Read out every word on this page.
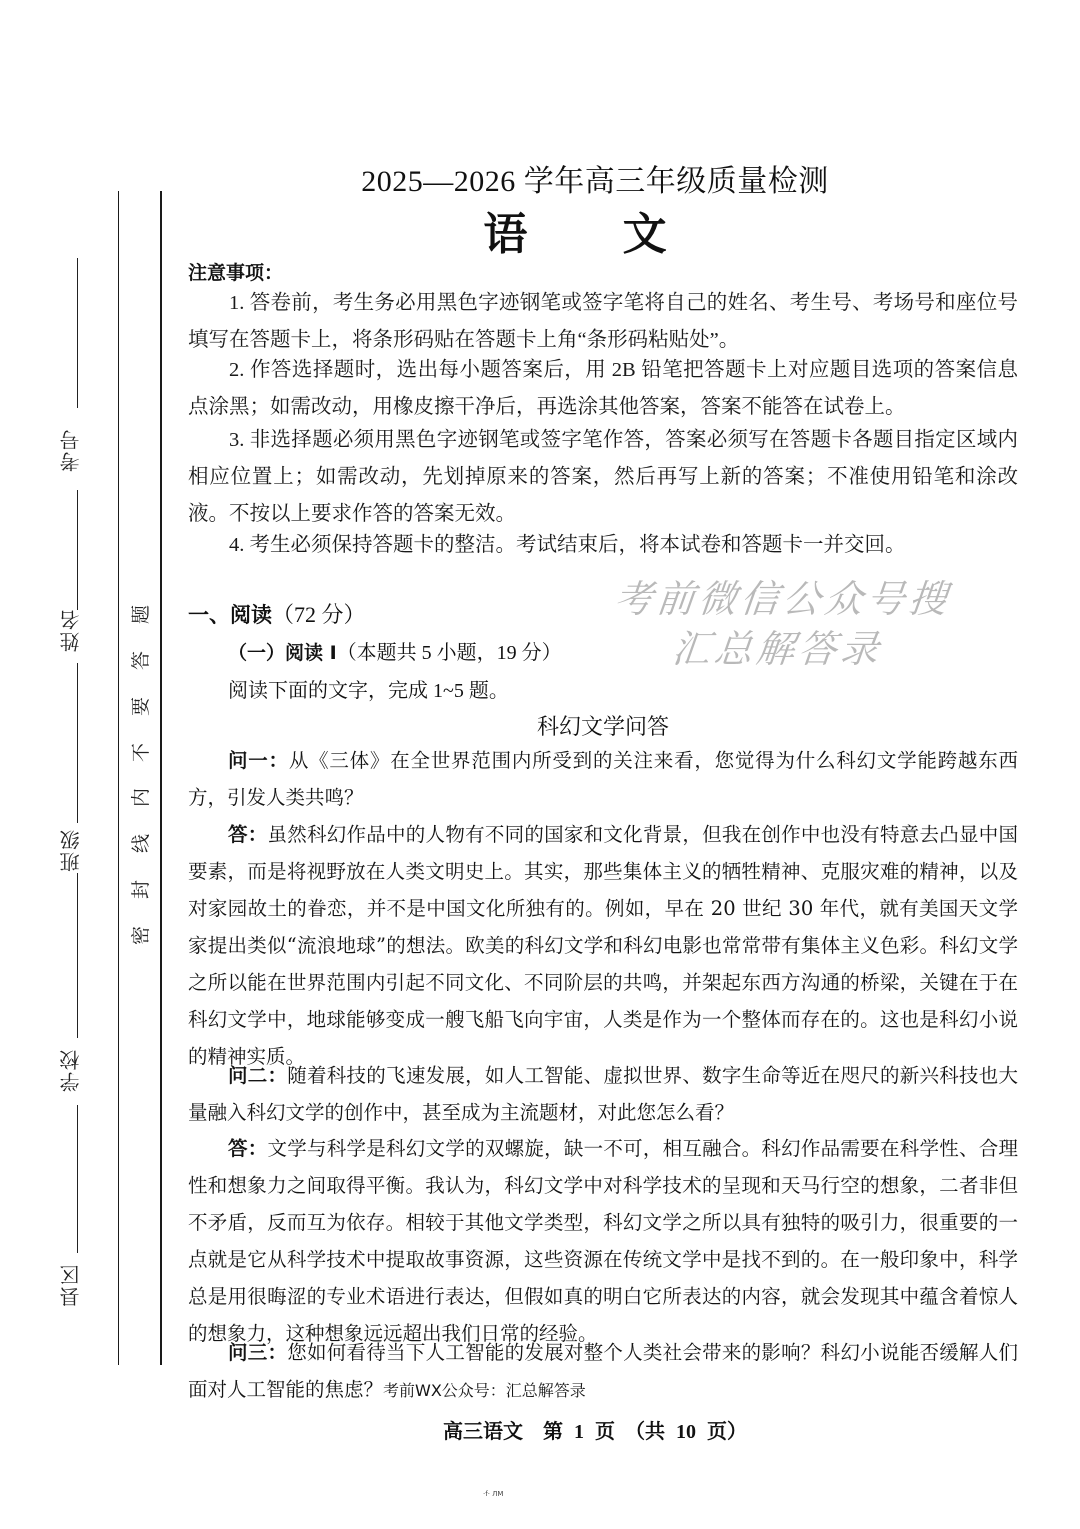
考号
姓名
班级
学校
县区
密
封
线
内
不
要
答
题
2025—2026 学年高三年级质量检测
语 文
注意事项：
1. 答卷前，考生务必用黑色字迹钢笔或签字笔将自己的姓名、考生号、考场号和座位号填写在答题卡上，将条形码贴在答题卡上角“条形码粘贴处”。
2. 作答选择题时，选出每小题答案后，用 2B 铅笔把答题卡上对应题目选项的答案信息点涂黑；如需改动，用橡皮擦干净后，再选涂其他答案，答案不能答在试卷上。
3. 非选择题必须用黑色字迹钢笔或签字笔作答，答案必须写在答题卡各题目指定区域内相应位置上；如需改动，先划掉原来的答案，然后再写上新的答案；不准使用铅笔和涂改液。不按以上要求作答的答案无效。
4. 考生必须保持答题卡的整洁。考试结束后，将本试卷和答题卡一并交回。
考前微信公众号搜
汇总解答录
一、阅读（72 分）
（一）阅读 I（本题共 5 小题，19 分）
阅读下面的文字，完成 1~5 题。
科幻文学问答
问一：从《三体》在全世界范围内所受到的关注来看，您觉得为什么科幻文学能跨越东西方，引发人类共鸣？
答：虽然科幻作品中的人物有不同的国家和文化背景，但我在创作中也没有特意去凸显中国要素，而是将视野放在人类文明史上。其实，那些集体主义的牺牲精神、克服灾难的精神，以及对家园故土的眷恋，并不是中国文化所独有的。例如，早在 20 世纪 30 年代，就有美国天文学家提出类似“流浪地球”的想法。欧美的科幻文学和科幻电影也常常带有集体主义色彩。科幻文学之所以能在世界范围内引起不同文化、不同阶层的共鸣，并架起东西方沟通的桥梁，关键在于在科幻文学中，地球能够变成一艘飞船飞向宇宙，人类是作为一个整体而存在的。这也是科幻小说的精神实质。
问二：随着科技的飞速发展，如人工智能、虚拟世界、数字生命等近在咫尺的新兴科技也大量融入科幻文学的创作中，甚至成为主流题材，对此您怎么看？
答：文学与科学是科幻文学的双螺旋，缺一不可，相互融合。科幻作品需要在科学性、合理性和想象力之间取得平衡。我认为，科幻文学中对科学技术的呈现和天马行空的想象，二者非但不矛盾，反而互为依存。相较于其他文学类型，科幻文学之所以具有独特的吸引力，很重要的一点就是它从科学技术中提取故事资源，这些资源在传统文学中是找不到的。在一般印象中，科学总是用很晦涩的专业术语进行表达，但假如真的明白它所表达的内容，就会发现其中蕴含着惊人的想象力，这种想象远远超出我们日常的经验。
问三：您如何看待当下人工智能的发展对整个人类社会带来的影响？科幻小说能否缓解人们面对人工智能的焦虑？考前WX公众号：汇总解答录
高三语文　第 1 页　（共 10 页）
·f· ЛМ
